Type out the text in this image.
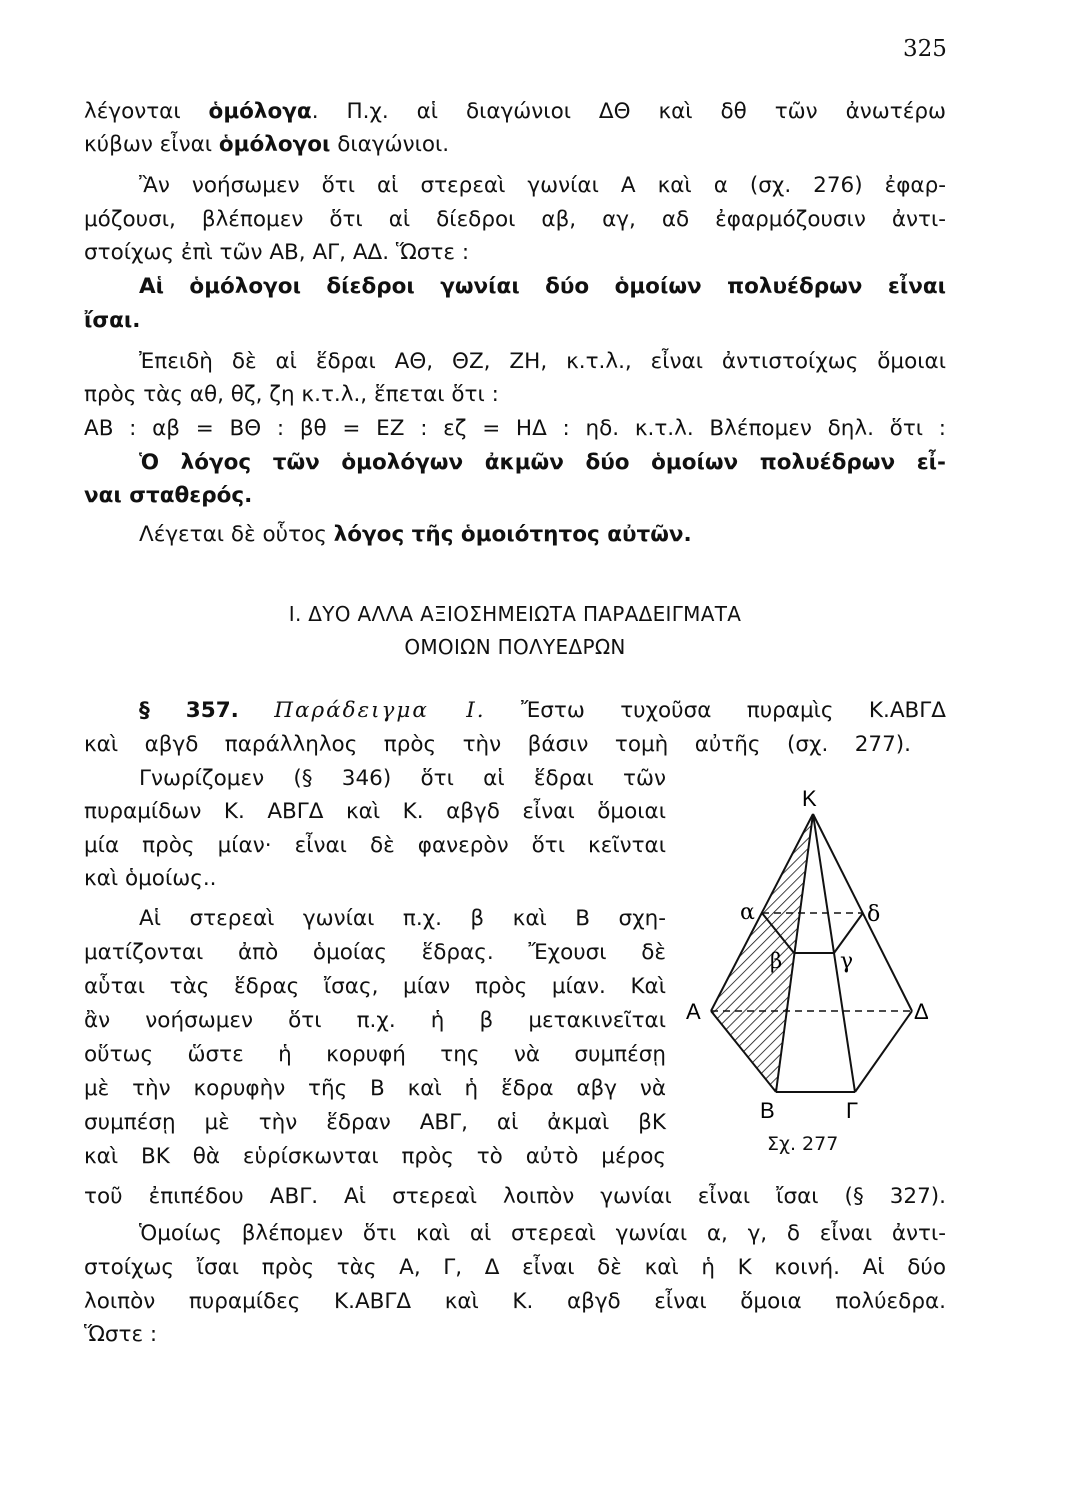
325
λέγονται ὁμόλογα. Π.χ. αἱ διαγώνιοι ΔΘ καὶ δθ τῶν ἀνωτέρω
κύβων εἶναι ὁμόλογοι διαγώνιοι.
Ἂν νοήσωμεν ὅτι αἱ στερεαὶ γωνίαι Α καὶ α (σχ. 276) ἐφαρ-
μόζουσι, βλέπομεν ὅτι αἱ δίεδροι αβ, αγ, αδ ἐφαρμόζουσιν ἀντι-
στοίχως ἐπὶ τῶν ΑΒ, ΑΓ, ΑΔ. Ὥστε :
Αἱ ὁμόλογοι δίεδροι γωνίαι δύο ὁμοίων πολυέδρων εἶναι
ἴσαι.
Ἐπειδὴ δὲ αἱ ἕδραι ΑΘ, ΘΖ, ΖΗ, κ.τ.λ., εἶναι ἀντιστοίχως ὅμοιαι
πρὸς τὰς αθ, θζ, ζη κ.τ.λ., ἕπεται ὅτι :
ΑΒ : αβ = ΒΘ : βθ = ΕΖ : εζ = ΗΔ : ηδ. κ.τ.λ. Βλέπομεν δηλ. ὅτι :
Ὁ λόγος τῶν ὁμολόγων ἀκμῶν δύο ὁμοίων πολυέδρων εἶ-
ναι σταθερός.
Λέγεται δὲ οὗτος λόγος τῆς ὁμοιότητος αὐτῶν.
Ι. ΔΥΟ ΑΛΛΑ ΑΞΙΟΣΗΜΕΙΩΤΑ ΠΑΡΑΔΕΙΓΜΑΤΑ
ΟΜΟΙΩΝ ΠΟΛΥΕΔΡΩΝ
§ 357. Παράδειγμα Ι. Ἔστω τυχοῦσα πυραμὶς Κ.ΑΒΓΔ
καὶ αβγδ παράλληλος πρὸς τὴν βάσιν τομὴ αὐτῆς (σχ. 277).
Γνωρίζομεν (§ 346) ὅτι αἱ ἕδραι τῶν
πυραμίδων Κ. ΑΒΓΔ καὶ Κ. αβγδ εἶναι ὅμοιαι
μία πρὸς μίαν· εἶναι δὲ φανερὸν ὅτι κεῖνται
καὶ ὁμοίως..
Αἱ στερεαὶ γωνίαι π.χ. β καὶ Β σχη-
ματίζονται ἀπὸ ὁμοίας ἕδρας. Ἔχουσι δὲ
αὗται τὰς ἕδρας ἴσας, μίαν πρὸς μίαν. Καὶ
ἂν νοήσωμεν ὅτι π.χ. ἡ β μετακινεῖται
οὕτως ὥστε ἡ κορυφή της νὰ συμπέσῃ
μὲ τὴν κορυφὴν τῆς Β καὶ ἡ ἕδρα αβγ νὰ
συμπέσῃ μὲ τὴν ἕδραν ΑΒΓ, αἱ ἀκμαὶ βΚ
καὶ ΒΚ θὰ εὑρίσκωνται πρὸς τὸ αὐτὸ μέρος
τοῦ ἐπιπέδου ΑΒΓ. Αἱ στερεαὶ λοιπὸν γωνίαι εἶναι ἴσαι (§ 327).
Ὁμοίως βλέπομεν ὅτι καὶ αἱ στερεαὶ γωνίαι α, γ, δ εἶναι ἀντι-
στοίχως ἴσαι πρὸς τὰς Α, Γ, Δ εἶναι δὲ καὶ ἡ Κ κοινή. Αἱ δύο
λοιπὸν πυραμίδες Κ.ΑΒΓΔ καὶ Κ. αβγδ εἶναι ὅμοια πολύεδρα.
Ὥστε :
Κ
α	δ
β	γ
Α	Δ
Β	Γ
Σχ. 277
